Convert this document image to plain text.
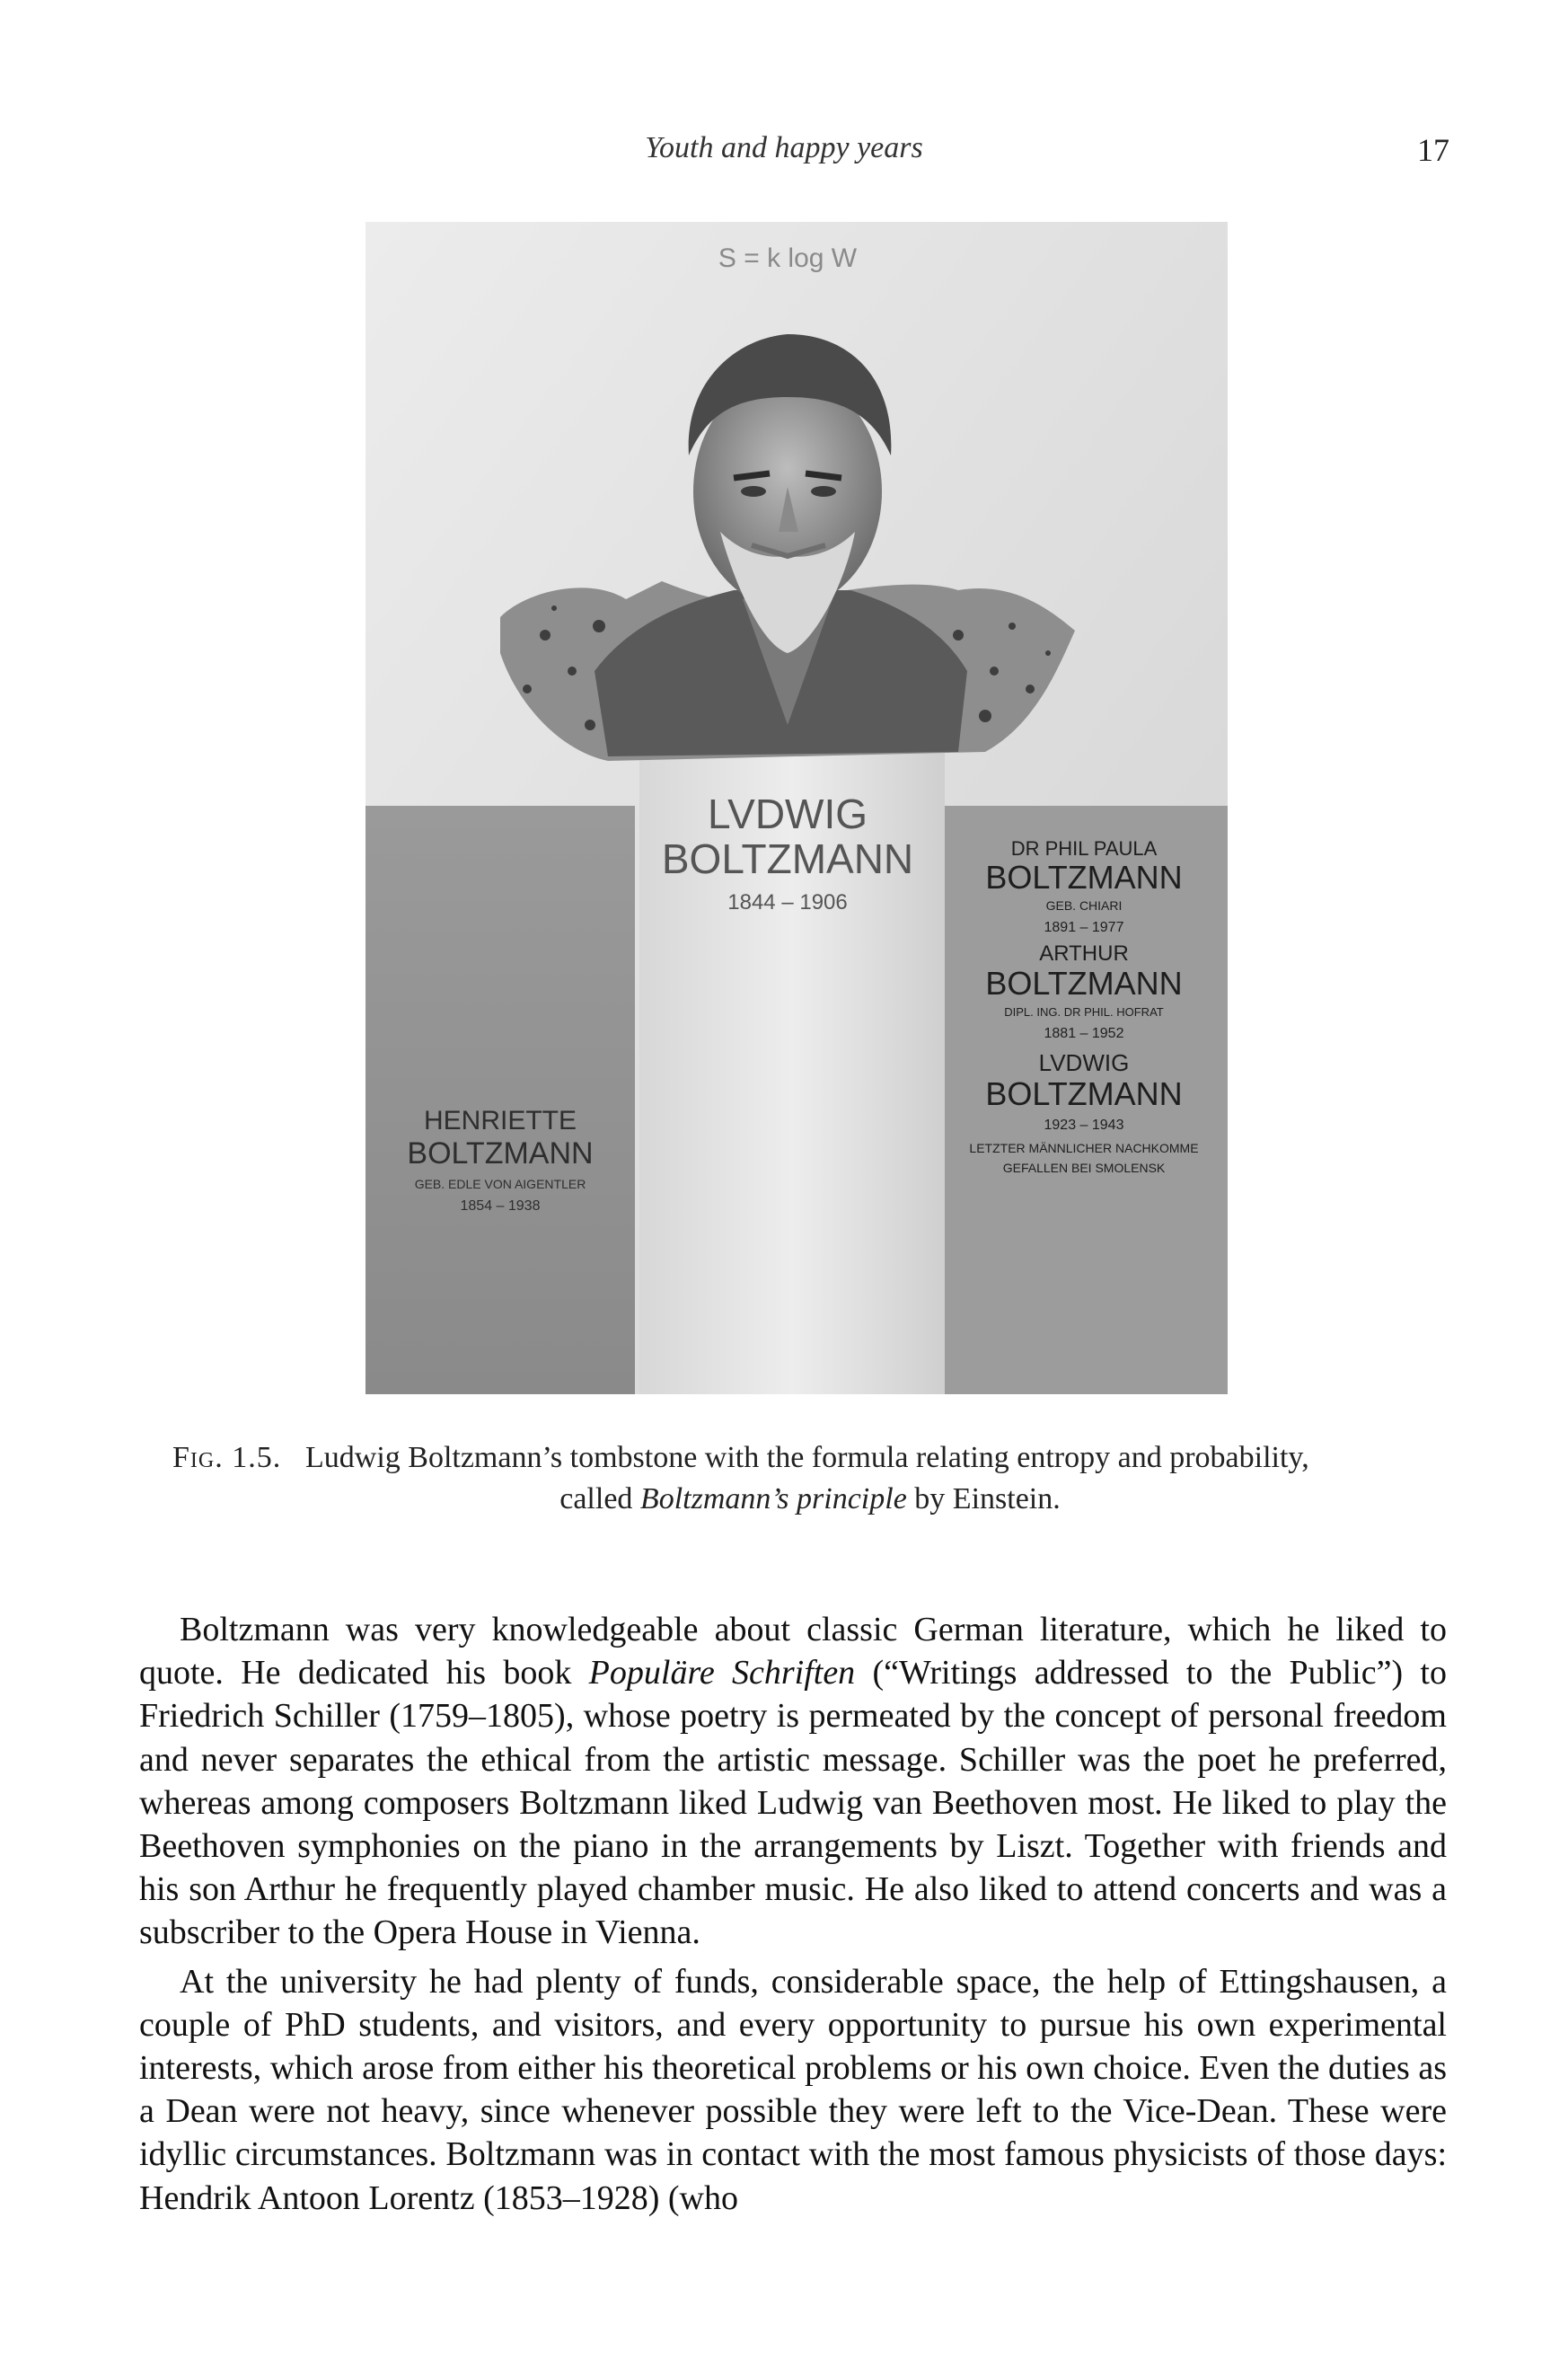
Youth and happy years	17
S = k log W
LVDWIG
BOLTZMANN
1844 – 1906
HENRIETTE
BOLTZMANN
GEB. EDLE VON AIGENTLER
1854 – 1938
DR PHIL PAULA
BOLTZMANN
GEB. CHIARI
1891 – 1977
ARTHUR
BOLTZMANN
DIPL. ING. DR PHIL. HOFRAT
1881 – 1952
LVDWIG
BOLTZMANN
1923 – 1943
LETZTER MÄNNLICHER NACHKOMME
GEFALLEN BEI SMOLENSK
Fig. 1.5. Ludwig Boltzmann’s tombstone with the formula relating entropy and probability,
called Boltzmann’s principle by Einstein.

Boltzmann was very knowledgeable about classic German literature, which he liked to quote. He dedicated his book Populäre Schriften (“Writings addressed to the Public”) to Friedrich Schiller (1759–1805), whose poetry is permeated by the concept of personal freedom and never separates the ethical from the artistic message. Schiller was the poet he preferred, whereas among composers Boltzmann liked Ludwig van Beethoven most. He liked to play the Beethoven symphonies on the piano in the arrangements by Liszt. Together with friends and his son Arthur he frequently played chamber music. He also liked to attend concerts and was a subscriber to the Opera House in Vienna.

At the university he had plenty of funds, considerable space, the help of Ettingshausen, a couple of PhD students, and visitors, and every opportunity to pursue his own experimental interests, which arose from either his theoretical problems or his own choice. Even the duties as a Dean were not heavy, since whenever possible they were left to the Vice-Dean. These were idyllic circumstances. Boltzmann was in contact with the most famous physicists of those days: Hendrik Antoon Lorentz (1853–1928) (who
